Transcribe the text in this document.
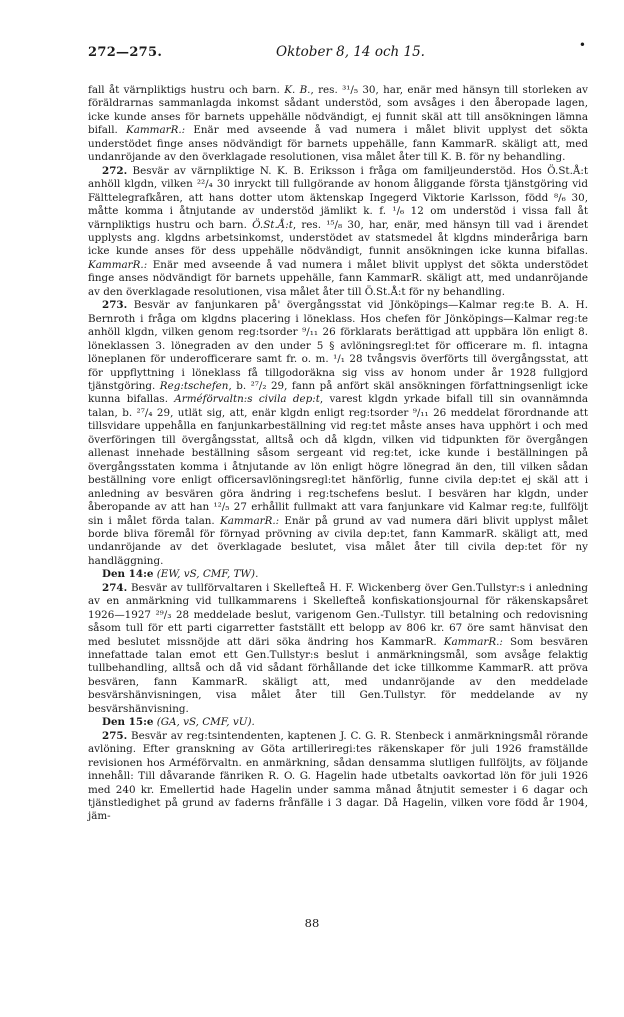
272—275.	Oktober 8, 14 och 15.	•

fall åt värnpliktigs hustru och barn. K. B., res. ³¹/₅ 30, har, enär med hänsyn till storleken av föräldrarnas sammanlagda inkomst sådant understöd, som avsåges i den åberopade lagen, icke kunde anses för barnets uppehälle nödvändigt, ej funnit skäl att till ansökningen lämna bifall. KammarR.: Enär med avseende å vad numera i målet blivit upplyst det sökta understödet finge anses nödvändigt för barnets uppehälle, fann KammarR. skäligt att, med undanröjande av den överklagade resolutionen, visa målet åter till K. B. för ny behandling.

272. Besvär av värnpliktige N. K. B. Eriksson i fråga om familjeunderstöd. Hos Ö.St.Å:t anhöll klgdn, vilken ²²/₄ 30 inryckt till fullgörande av honom åliggande första tjänstgöring vid Fälttelegrafkåren, att hans dotter utom äktenskap Ingegerd Viktorie Karlsson, född ⁸/₆ 30, måtte komma i åtnjutande av understöd jämlikt k. f. ¹/₆ 12 om understöd i vissa fall åt värnpliktigs hustru och barn. Ö.St.Å:t, res. ¹⁵/₈ 30, har, enär, med hänsyn till vad i ärendet upplysts ang. klgdns arbetsinkomst, understödet av statsmedel åt klgdns minderåriga barn icke kunde anses för dess uppehälle nödvändigt, funnit ansökningen icke kunna bifallas. KammarR.: Enär med avseende å vad numera i målet blivit upplyst det sökta understödet finge anses nödvändigt för barnets uppehälle, fann KammarR. skäligt att, med undanröjande av den överklagade resolutionen, visa målet åter till Ö.St.Å:t för ny behandling.

273. Besvär av fanjunkaren på' övergångsstat vid Jönköpings—Kalmar reg:te B. A. H. Bernroth i fråga om klgdns placering i löneklass. Hos chefen för Jönköpings—Kalmar reg:te anhöll klgdn, vilken genom reg:tsorder ⁹/₁₁ 26 förklarats berättigad att uppbära lön enligt 8. löneklassen 3. lönegraden av den under 5 § avlöningsregl:tet för officerare m. fl. intagna löneplanen för underofficerare samt fr. o. m. ¹/₁ 28 tvångsvis överförts till övergångsstat, att för uppflyttning i löneklass få tillgodoräkna sig viss av honom under år 1928 fullgjord tjänstgöring. Reg:tschefen, b. ²⁷/₂ 29, fann på anfört skäl ansökningen författningsenligt icke kunna bifallas. Arméförvaltn:s civila dep:t, varest klgdn yrkade bifall till sin ovannämnda talan, b. ²⁷/₄ 29, utlät sig, att, enär klgdn enligt reg:tsorder ⁹/₁₁ 26 meddelat förordnande att tillsvidare uppehålla en fanjunkarbeställning vid reg:tet måste anses hava upphört i och med överföringen till övergångsstat, alltså och då klgdn, vilken vid tidpunkten för övergången allenast innehade beställning såsom sergeant vid reg:tet, icke kunde i beställningen på övergångsstaten komma i åtnjutande av lön enligt högre lönegrad än den, till vilken sådan beställning vore enligt officersavlöningsregl:tet hänförlig, funne civila dep:tet ej skäl att i anledning av besvären göra ändring i reg:tschefens beslut. I besvären har klgdn, under åberopande av att han ¹²/₅ 27 erhållit fullmakt att vara fanjunkare vid Kalmar reg:te, fullföljt sin i målet förda talan. KammarR.: Enär på grund av vad numera däri blivit upplyst målet borde bliva föremål för förnyad prövning av civila dep:tet, fann KammarR. skäligt att, med undanröjande av det överklagade beslutet, visa målet åter till civila dep:tet för ny handläggning.

Den 14:e (EW, vS, CMF, TW).

274. Besvär av tullförvaltaren i Skellefteå H. F. Wickenberg över Gen.Tullstyr:s i anledning av en anmärkning vid tullkammarens i Skellefteå konfiskationsjournal för räkenskapsåret 1926—1927 ²⁹/₃ 28 meddelade beslut, varigenom Gen.-Tullstyr. till betalning och redovisning såsom tull för ett parti cigarretter fastställt ett belopp av 806 kr. 67 öre samt hänvisat den med beslutet missnöjde att däri söka ändring hos KammarR. KammarR.: Som besvären innefattade talan emot ett Gen.Tullstyr:s beslut i anmärkningsmål, som avsåge felaktig tullbehandling, alltså och då vid sådant förhållande det icke tillkomme KammarR. att pröva besvären, fann KammarR. skäligt att, med undanröjande av den meddelade besvärshänvisningen, visa målet åter till Gen.Tullstyr. för meddelande av ny besvärshänvisning.

Den 15:e (GA, vS, CMF, vU).

275. Besvär av reg:tsintendenten, kaptenen J. C. G. R. Stenbeck i anmärkningsmål rörande avlöning. Efter granskning av Göta artilleriregi:tes räkenskaper för juli 1926 framställde revisionen hos Arméförvaltn. en anmärkning, sådan densamma slutligen fullföljts, av följande innehåll: Till dåvarande fänriken R. O. G. Hagelin hade utbetalts oavkortad lön för juli 1926 med 240 kr. Emellertid hade Hagelin under samma månad åtnjutit semester i 6 dagar och tjänstledighet på grund av faderns frånfälle i 3 dagar. Då Hagelin, vilken vore född år 1904, jäm-

88
